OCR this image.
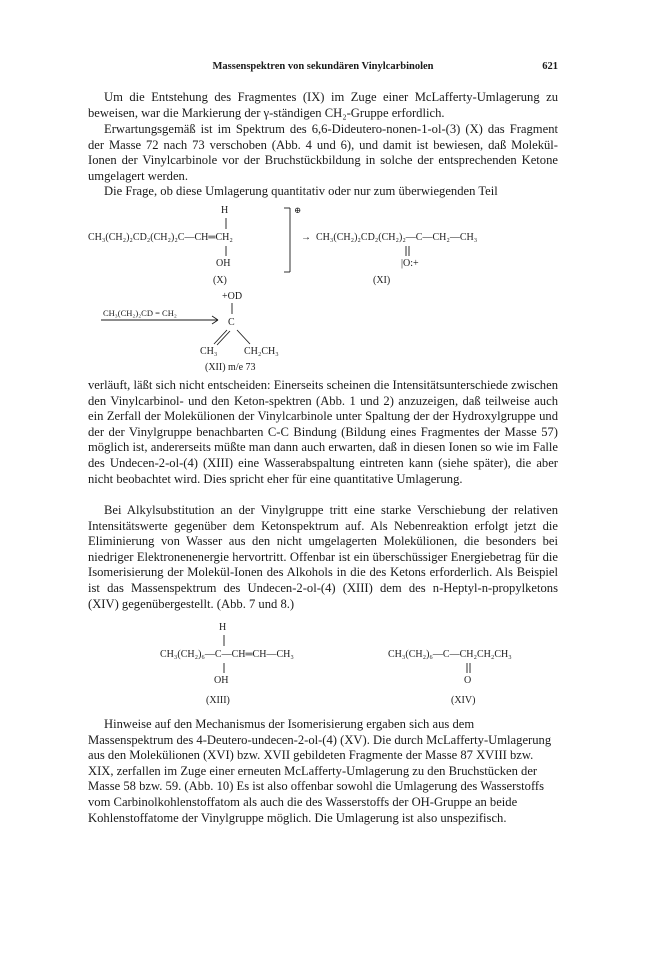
Massenspektren von sekundären Vinylcarbinolen	621

Um die Entstehung des Fragmentes (IX) im Zuge einer McLafferty-Umlagerung zu beweisen, war die Markierung der γ-ständigen CH₂-Gruppe erfordlich.

Erwartungsgemäß ist im Spektrum des 6,6-Dideutero-nonen-1-ol-(3) (X) das Fragment der Masse 72 nach 73 verschoben (Abb. 4 und 6), und damit ist bewiesen, daß Molekül-Ionen der Vinylcarbinole vor der Bruchstückbildung in solche der entsprechenden Ketone umgelagert werden.

Die Frage, ob diese Umlagerung quantitativ oder nur zum überwiegenden Teil

H	⊕
CH₃(CH₂)₂CD₂(CH₂)₂C—CH═CH₂
OH
→ CH₃(CH₂)₂CD₂(CH₂)₂—C—CH₂—CH₃
|O:+
(X)	(XI)
+OD
CH₃(CH₂)₂CD = CH₂
C
CH₃	CH₂CH₃
(XII) m/e 73

verläuft, läßt sich nicht entscheiden: Einerseits scheinen die Intensitätsunterschiede zwischen den Vinylcarbinol- und den Keton-spektren (Abb. 1 und 2) anzuzeigen, daß teilweise auch ein Zerfall der Molekülionen der Vinylcarbinole unter Spaltung der der Hydroxylgruppe und der der Vinylgruppe benachbarten C-C Bindung (Bildung eines Fragmentes der Masse 57) möglich ist, andererseits müßte man dann auch erwarten, daß in diesen Ionen so wie im Falle des Undecen-2-ol-(4) (XIII) eine Wasserabspaltung eintreten kann (siehe später), die aber nicht beobachtet wird. Dies spricht eher für eine quantitative Umlagerung.

Bei Alkylsubstitution an der Vinylgruppe tritt eine starke Verschiebung der relativen Intensitätswerte gegenüber dem Ketonspektrum auf. Als Nebenreaktion erfolgt jetzt die Eliminierung von Wasser aus den nicht umgelagerten Molekülionen, die besonders bei niedriger Elektronenenergie hervortritt. Offenbar ist ein überschüssiger Energiebetrag für die Isomerisierung der Molekül-Ionen des Alkohols in die des Ketons erforderlich. Als Beispiel ist das Massenspektrum des Undecen-2-ol-(4) (XIII) dem des n-Heptyl-n-propylketons (XIV) gegenübergestellt. (Abb. 7 und 8.)

H
CH₃(CH₂)₆—C—CH═CH—CH₃
OH
CH₃(CH₂)₆—C—CH₂CH₂CH₃
O
(XIII)	(XIV)

Hinweise auf den Mechanismus der Isomerisierung ergaben sich aus dem Massenspektrum des 4-Deutero-undecen-2-ol-(4) (XV). Die durch McLafferty-Umlagerung aus den Molekülionen (XVI) bzw. XVII gebildeten Fragmente der Masse 87 XVIII bzw. XIX, zerfallen im Zuge einer erneuten McLafferty-Umlagerung zu den Bruchstücken der Masse 58 bzw. 59. (Abb. 10) Es ist also offenbar sowohl die Umlagerung des Wasserstoffs vom Carbinolkohlenstoffatom als auch die des Wasserstoffs der OH-Gruppe an beide Kohlenstoffatome der Vinylgruppe möglich. Die Umlagerung ist also unspezifisch.
